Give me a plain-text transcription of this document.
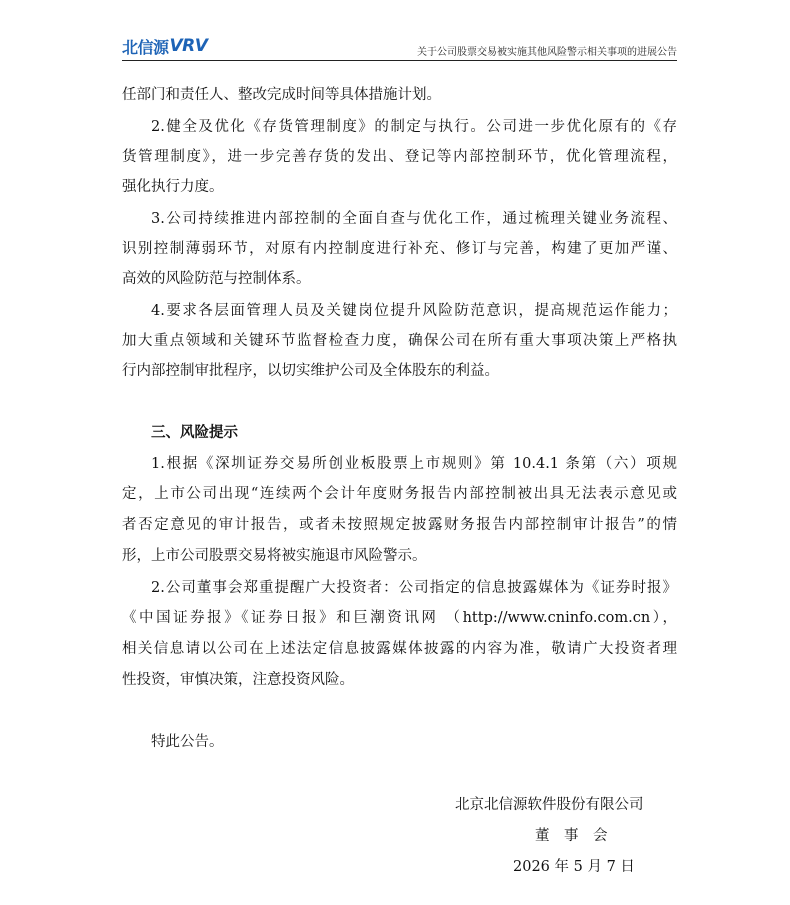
北信源 VRV	关于公司股票交易被实施其他风险警示相关事项的进展公告
任部门和责任人、整改完成时间等具体措施计划。
2.健全及优化《存货管理制度》的制定与执行。公司进一步优化原有的《存
货管理制度》，进一步完善存货的发出、登记等内部控制环节，优化管理流程，
强化执行力度。
3.公司持续推进内部控制的全面自查与优化工作，通过梳理关键业务流程、
识别控制薄弱环节，对原有内控制度进行补充、修订与完善，构建了更加严谨、
高效的风险防范与控制体系。
4.要求各层面管理人员及关键岗位提升风险防范意识，提高规范运作能力；
加大重点领域和关键环节监督检查力度，确保公司在所有重大事项决策上严格执
行内部控制审批程序，以切实维护公司及全体股东的利益。
三、风险提示
1.根据《深圳证券交易所创业板股票上市规则》第 10.4.1 条第（六）项规
定，上市公司出现“连续两个会计年度财务报告内部控制被出具无法表示意见或
者否定意见的审计报告，或者未按照规定披露财务报告内部控制审计报告”的情
形，上市公司股票交易将被实施退市风险警示。
2.公司董事会郑重提醒广大投资者：公司指定的信息披露媒体为《证券时报》
《中国证券报》《证券日报》和巨潮资讯网 （http://www.cninfo.com.cn），
相关信息请以公司在上述法定信息披露媒体披露的内容为准，敬请广大投资者理
性投资，审慎决策，注意投资风险。
特此公告。
北京北信源软件股份有限公司
董　事　会
2026 年 5 月 7 日
